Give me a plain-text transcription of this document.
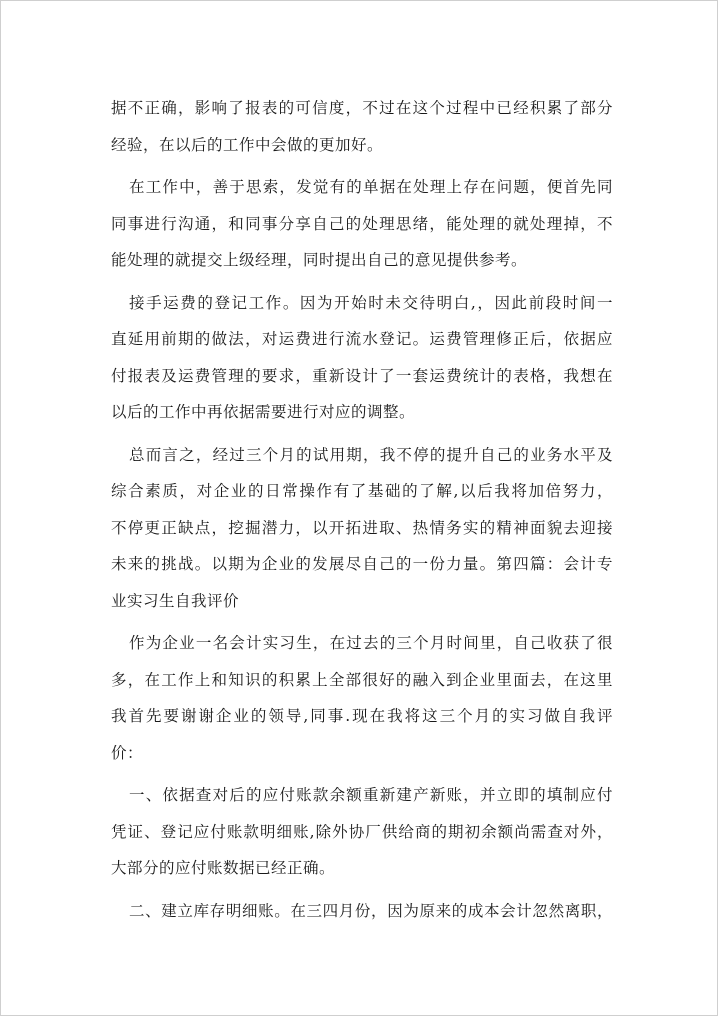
据不正确，影响了报表的可信度，不过在这个过程中已经积累了部分
经验，在以后的工作中会做的更加好。
在工作中，善于思索，发觉有的单据在处理上存在问题，便首先同
同事进行沟通，和同事分享自己的处理思绪，能处理的就处理掉，不
能处理的就提交上级经理，同时提出自己的意见提供参考。
接手运费的登记工作。因为开始时未交待明白,，因此前段时间一
直延用前期的做法，对运费进行流水登记。运费管理修正后，依据应
付报表及运费管理的要求，重新设计了一套运费统计的表格，我想在
以后的工作中再依据需要进行对应的调整。
总而言之，经过三个月的试用期，我不停的提升自己的业务水平及
综合素质，对企业的日常操作有了基础的了解,以后我将加倍努力，
不停更正缺点，挖掘潜力，以开拓进取、热情务实的精神面貌去迎接
未来的挑战。以期为企业的发展尽自己的一份力量。第四篇：会计专
业实习生自我评价
作为企业一名会计实习生，在过去的三个月时间里，自己收获了很
多，在工作上和知识的积累上全部很好的融入到企业里面去，在这里
我首先要谢谢企业的领导,同事.现在我将这三个月的实习做自我评
价：
一、依据查对后的应付账款余额重新建产新账，并立即的填制应付
凭证、登记应付账款明细账,除外协厂供给商的期初余额尚需查对外，
大部分的应付账数据已经正确。
二、建立库存明细账。在三四月份，因为原来的成本会计忽然离职，
